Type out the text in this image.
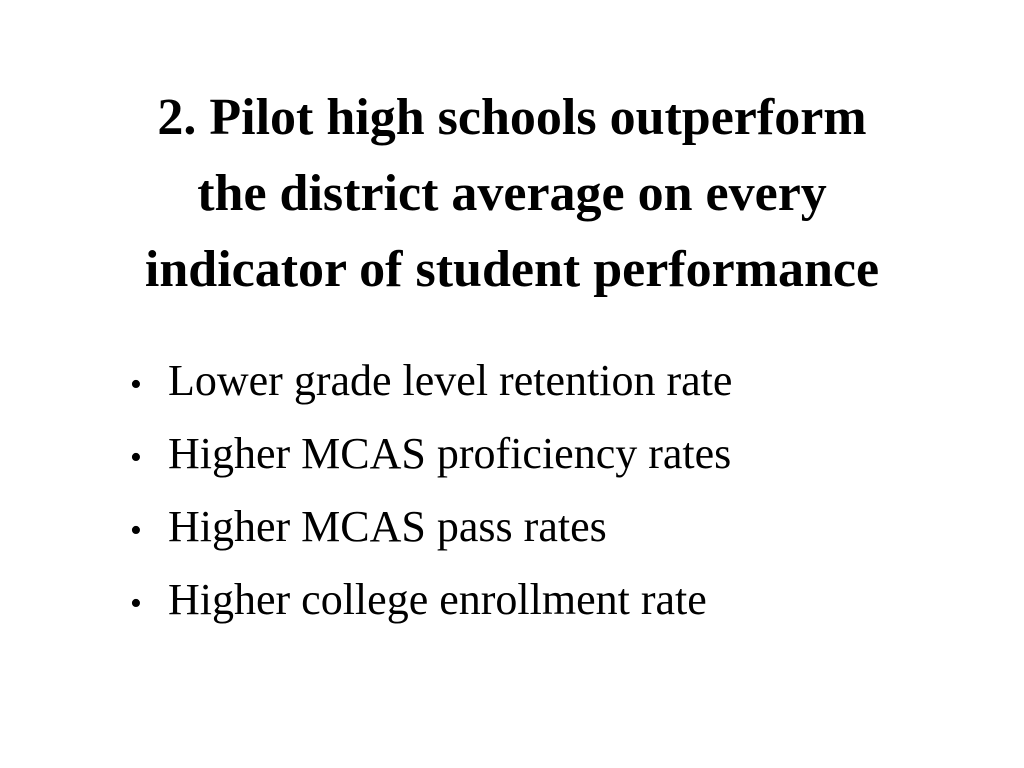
2. Pilot high schools outperform
the district average on every
indicator of student performance
• Lower grade level retention rate
• Higher MCAS proficiency rates
• Higher MCAS pass rates
• Higher college enrollment rate
